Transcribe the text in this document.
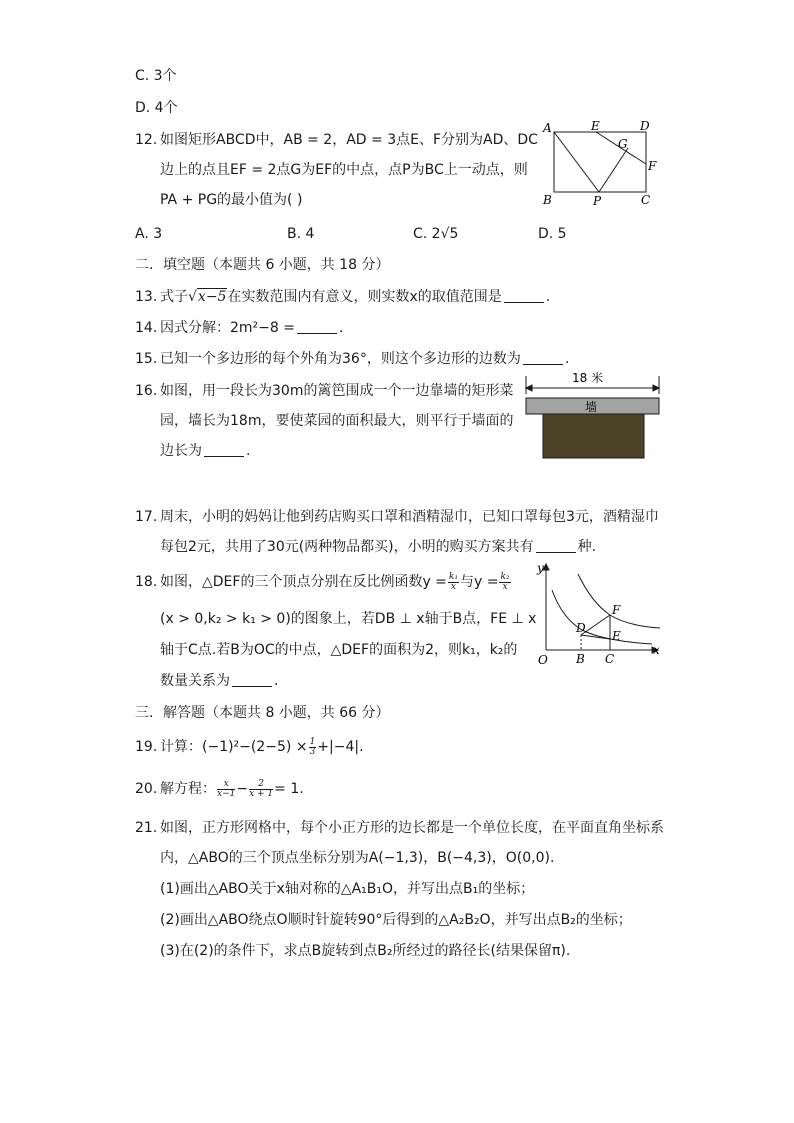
C. 3个
D. 4个
12. 如图矩形ABCD中，AB = 2，AD = 3点E、F分别为AD、DC
边上的点且EF = 2点G为EF的中点，点P为BC上一动点，则
PA + PG的最小值为( )
A. 3	B. 4	C. 2√5	D. 5
A	E	D
G
F
B	P	C
二．填空题（本题共 6 小题，共 18 分）
13. 式子√x−5在实数范围内有意义，则实数x的取值范围是	.
14. 因式分解：2m²−8 =	.
15. 已知一个多边形的每个外角为36°，则这个多边形的边数为	.
16. 如图，用一段长为30m的篱笆围成一个一边靠墙的矩形菜
园，墙长为18m，要使菜园的面积最大，则平行于墙面的
边长为	.
18 米
墙
17. 周末，小明的妈妈让他到药店购买口罩和酒精湿巾，已知口罩每包3元，酒精湿巾
每包2元，共用了30元(两种物品都买)，小明的购买方案共有	种.
18. 如图，△DEF的三个顶点分别在反比例函数$y = \frac{\text{k₁}}{x}$ 与$y = \frac{\text{k₂}}{x}$
(x > 0,k₂ > k₁ > 0)的图象上，若DB ⊥ x轴于B点，FE ⊥ x
轴于C点.若B为OC的中点，△DEF的面积为2，则k₁，k₂的
数量关系为	.
y
x
O B C
D
F
E
三．解答题（本题共 8 小题，共 66 分）
19. 计算：$(-1)^2-(2-5) \times \frac{1}{3} +|-4|$.
20. 解方程： $\frac{x}{x-1} - \frac{2}{x + 1} = 1$.
21. 如图，正方形网格中，每个小正方形的边长都是一个单位长度，在平面直角坐标系
内，△ABO的三个顶点坐标分别为A(−1,3)，B(−4,3)，O(0,0).
(1)画出△ABO关于x轴对称的△A₁B₁O，并写出点B₁的坐标；
(2)画出△ABO绕点O顺时针旋转90°后得到的△A₂B₂O，并写出点B₂的坐标；
(3)在(2)的条件下，求点B旋转到点B₂所经过的路径长(结果保留π).
